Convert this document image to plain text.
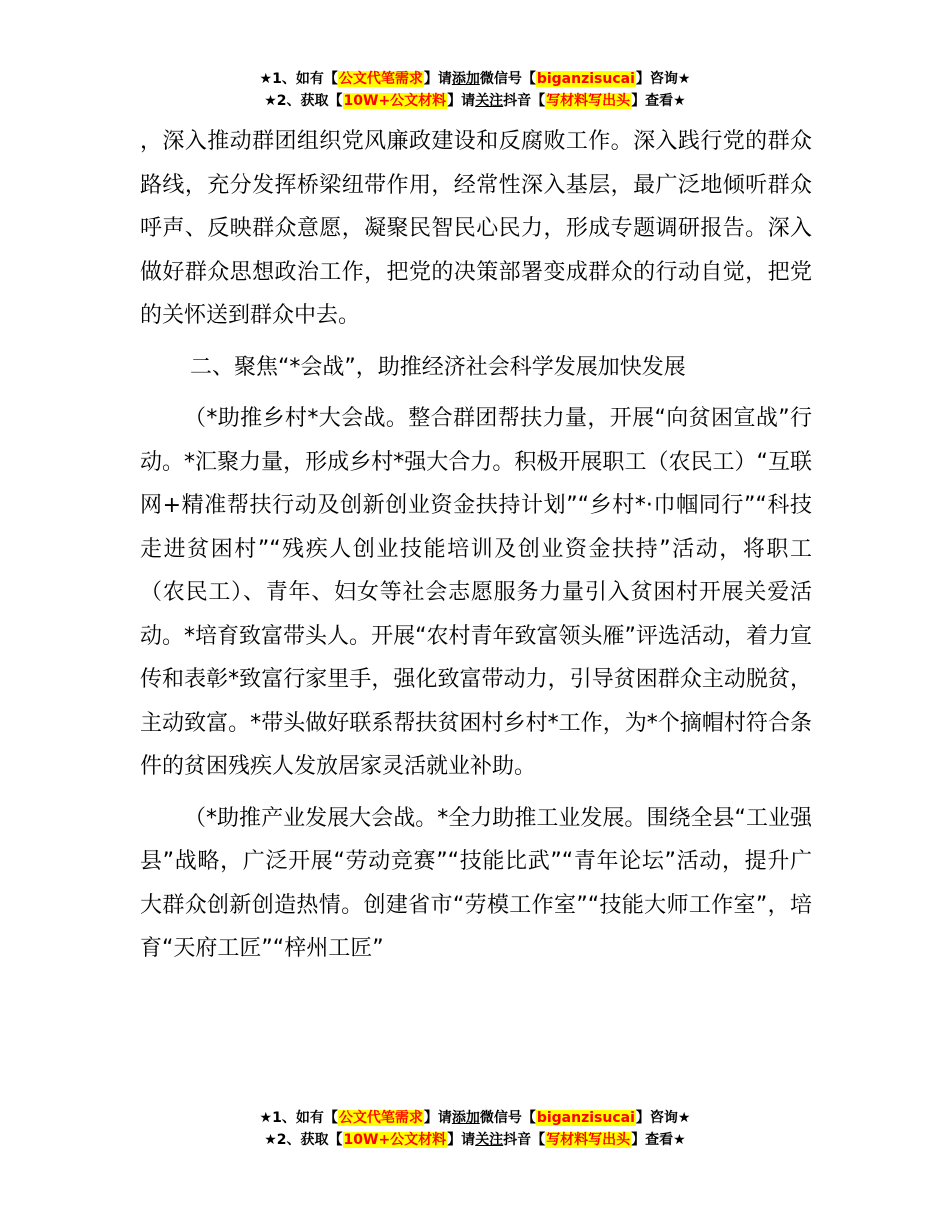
★1、如有【公文代笔需求】请添加微信号【biganzisucai】咨询★
★2、获取【10W+公文材料】请关注抖音【写材料写出头】查看★

，深入推动群团组织党风廉政建设和反腐败工作。深入践行党的群众路线，充分发挥桥梁纽带作用，经常性深入基层，最广泛地倾听群众呼声、反映群众意愿，凝聚民智民心民力，形成专题调研报告。深入做好群众思想政治工作，把党的决策部署变成群众的行动自觉，把党的关怀送到群众中去。

二、聚焦“*会战”，助推经济社会科学发展加快发展

（*助推乡村*大会战。整合群团帮扶力量，开展“向贫困宣战”行动。*汇聚力量，形成乡村*强大合力。积极开展职工（农民工）“互联网+精准帮扶行动及创新创业资金扶持计划”“乡村*·巾帼同行”“科技走进贫困村”“残疾人创业技能培训及创业资金扶持”活动，将职工（农民工）、青年、妇女等社会志愿服务力量引入贫困村开展关爱活动。*培育致富带头人。开展“农村青年致富领头雁”评选活动，着力宣传和表彰*致富行家里手，强化致富带动力，引导贫困群众主动脱贫，主动致富。*带头做好联系帮扶贫困村乡村*工作，为*个摘帽村符合条件的贫困残疾人发放居家灵活就业补助。

（*助推产业发展大会战。*全力助推工业发展。围绕全县“工业强县”战略，广泛开展“劳动竞赛”“技能比武”“青年论坛”活动，提升广大群众创新创造热情。创建省市“劳模工作室”“技能大师工作室”，培育“天府工匠”“梓州工匠”

★1、如有【公文代笔需求】请添加微信号【biganzisucai】咨询★
★2、获取【10W+公文材料】请关注抖音【写材料写出头】查看★
